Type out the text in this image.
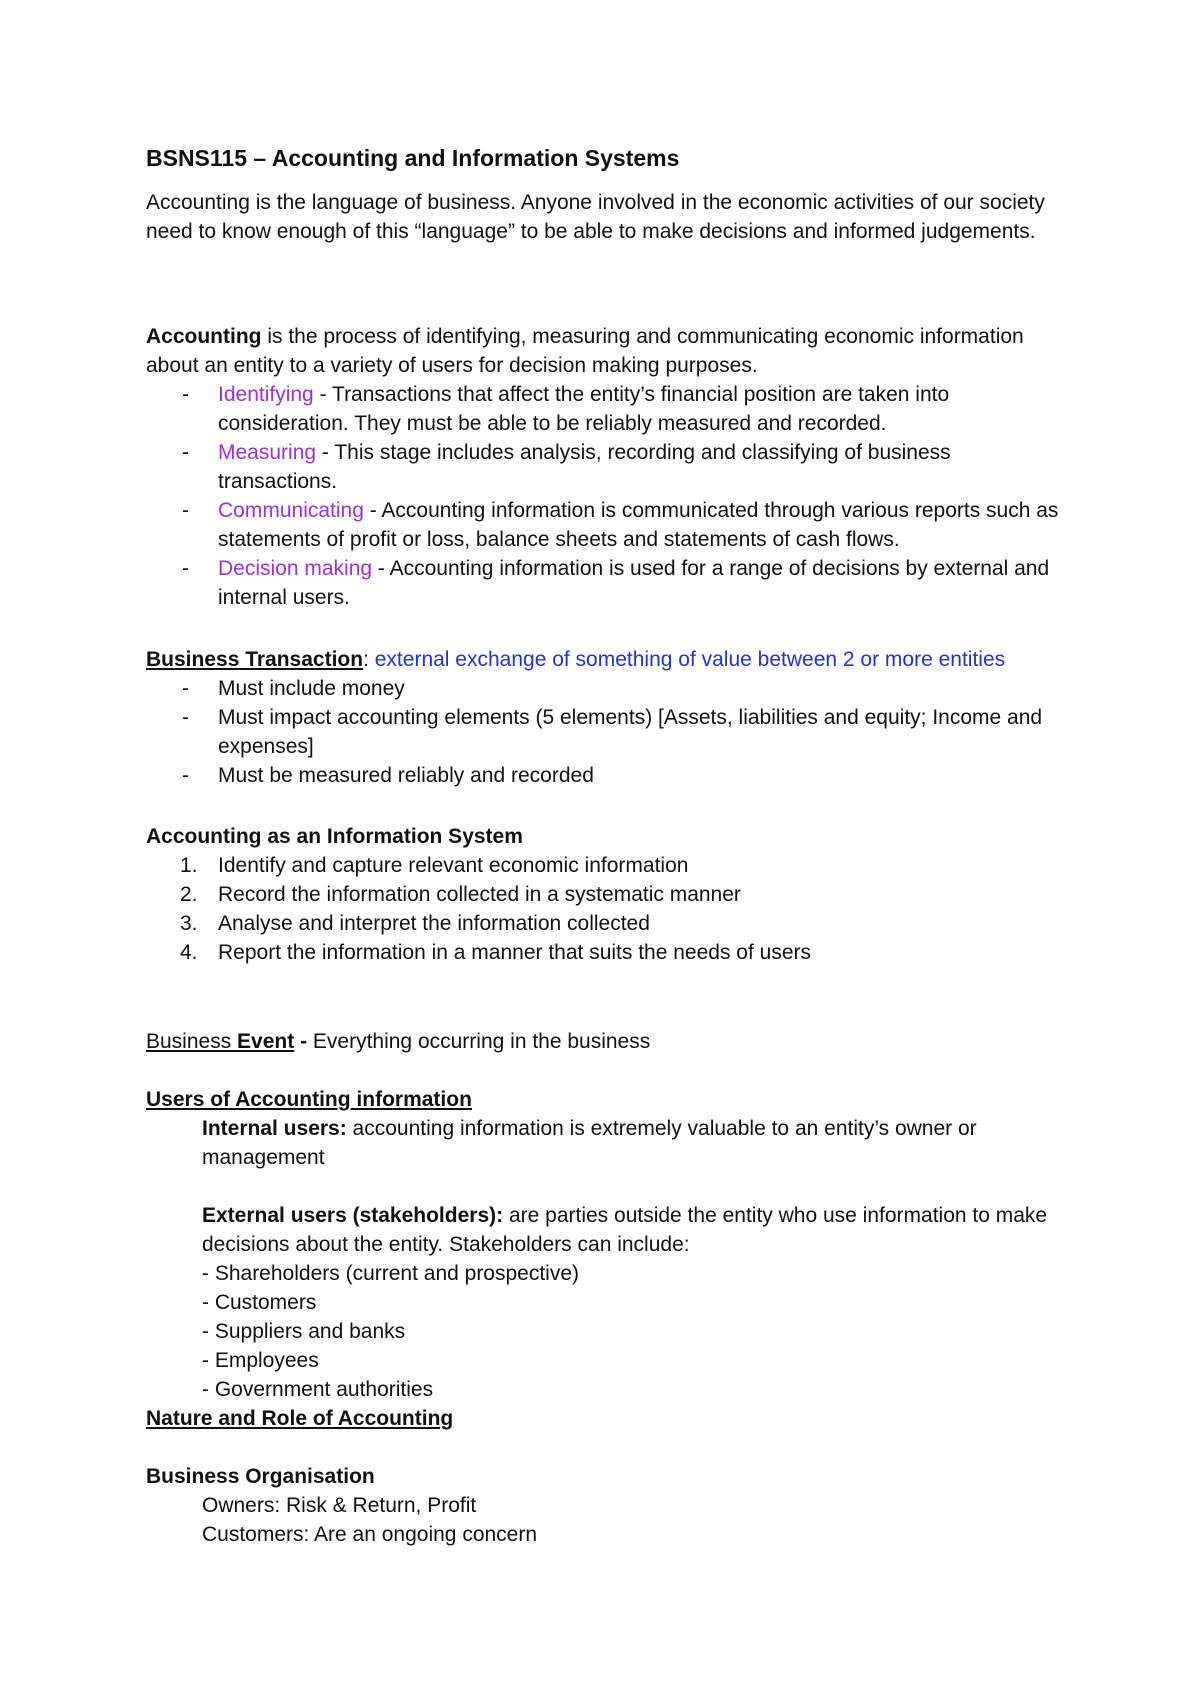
BSNS115 – Accounting and Information Systems

Accounting is the language of business. Anyone involved in the economic activities of our society need to know enough of this “language” to be able to make decisions and informed judgements.

Accounting is the process of identifying, measuring and communicating economic information about an entity to a variety of users for decision making purposes.

- Identifying - Transactions that affect the entity’s financial position are taken into consideration. They must be able to be reliably measured and recorded.
- Measuring - This stage includes analysis, recording and classifying of business transactions.
- Communicating - Accounting information is communicated through various reports such as statements of profit or loss, balance sheets and statements of cash flows.
- Decision making - Accounting information is used for a range of decisions by external and internal users.

Business Transaction: external exchange of something of value between 2 or more entities

- Must include money
- Must impact accounting elements (5 elements) [Assets, liabilities and equity; Income and expenses]
- Must be measured reliably and recorded

Accounting as an Information System

1. Identify and capture relevant economic information
2. Record the information collected in a systematic manner
3. Analyse and interpret the information collected
4. Report the information in a manner that suits the needs of users

Business Event - Everything occurring in the business

Users of Accounting information

Internal users: accounting information is extremely valuable to an entity’s owner or management

External users (stakeholders): are parties outside the entity who use information to make decisions about the entity. Stakeholders can include:

- Shareholders (current and prospective)
- Customers
- Suppliers and banks
- Employees
- Government authorities

Nature and Role of Accounting

Business Organisation

Owners: Risk & Return, Profit
Customers: Are an ongoing concern
